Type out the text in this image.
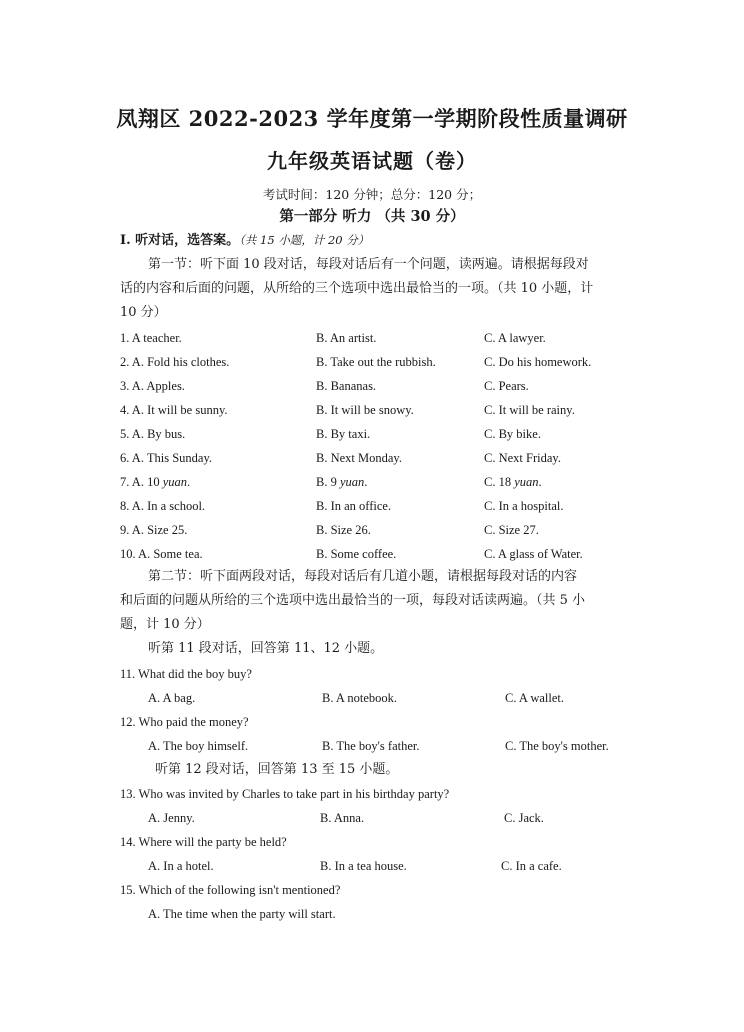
凤翔区 2022-2023 学年度第一学期阶段性质量调研
九年级英语试题（卷）
考试时间：120 分钟；总分：120 分；
第一部分 听力 （共 30 分）
I. 听对话，选答案。（共 15 小题，计 20 分）
第一节：听下面 10 段对话，每段对话后有一个问题，读两遍。请根据每段对
话的内容和后面的问题，从所给的三个选项中选出最恰当的一项。（共 10 小题，计
10 分）
1. A teacher.	B. An artist.	C. A lawyer.
2. A. Fold his clothes.	B. Take out the rubbish.	C. Do his homework.
3. A. Apples.	B. Bananas.	C. Pears.
4. A. It will be sunny.	B. It will be snowy.	C. It will be rainy.
5. A. By bus.	B. By taxi.	C. By bike.
6. A. This Sunday.	B. Next Monday.	C. Next Friday.
7. A. 10 yuan.	B. 9 yuan.	C. 18 yuan.
8. A. In a school.	B. In an office.	C. In a hospital.
9. A. Size 25.	B. Size 26.	C. Size 27.
10. A. Some tea.	B. Some coffee.	C. A glass of Water.
第二节：听下面两段对话，每段对话后有几道小题，请根据每段对话的内容
和后面的问题从所给的三个选项中选出最恰当的一项，每段对话读两遍。（共 5 小
题，计 10 分）
听第 11 段对话，回答第 11、12 小题。
11. What did the boy buy?
A. A bag.	B. A notebook.	C. A wallet.
12. Who paid the money?
A. The boy himself.	B. The boy's father.	C. The boy's mother.
听第 12 段对话，回答第 13 至 15 小题。
13. Who was invited by Charles to take part in his birthday party?
A. Jenny.	B. Anna.	C. Jack.
14. Where will the party be held?
A. In a hotel.	B. In a tea house.	C. In a cafe.
15. Which of the following isn't mentioned?
A. The time when the party will start.
